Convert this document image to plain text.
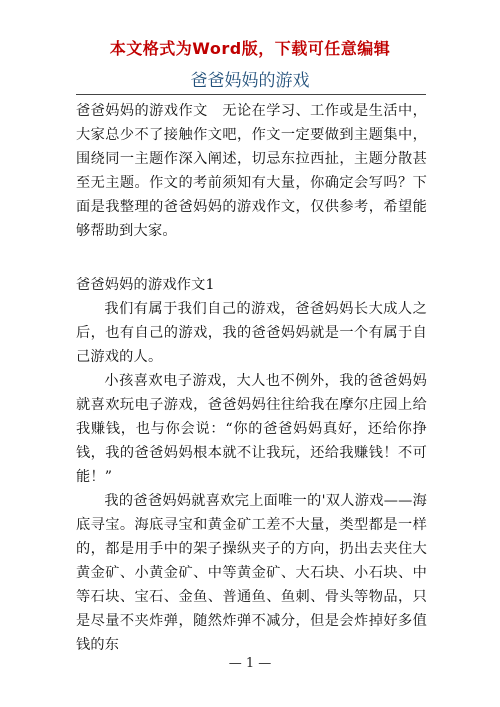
本文格式为Word版，下载可任意编辑
爸爸妈妈的游戏

爸爸妈妈的游戏作文　无论在学习、工作或是生活中，大家总少不了接触作文吧，作文一定要做到主题集中，围绕同一主题作深入阐述，切忌东拉西扯，主题分散甚至无主题。作文的考前须知有大量，你确定会写吗？下面是我整理的爸爸妈妈的游戏作文，仅供参考，希望能够帮助到大家。

爸爸妈妈的游戏作文1

我们有属于我们自己的游戏，爸爸妈妈长大成人之后，也有自己的游戏，我的爸爸妈妈就是一个有属于自己游戏的人。

小孩喜欢电子游戏，大人也不例外，我的爸爸妈妈就喜欢玩电子游戏，爸爸妈妈往往给我在摩尔庄园上给我赚钱，也与你会说：“你的爸爸妈妈真好，还给你挣钱，我的爸爸妈妈根本就不让我玩，还给我赚钱！不可能！”

我的爸爸妈妈就喜欢完上面唯一的'双人游戏——海底寻宝。海底寻宝和黄金矿工差不大量，类型都是一样的，都是用手中的架子操纵夹子的方向，扔出去夹住大黄金矿、小黄金矿、中等黄金矿、大石块、小石块、中等石块、宝石、金鱼、普通鱼、鱼刺、骨头等物品，只是尽量不夹炸弹，随然炸弹不减分，但是会炸掉好多值钱的东

— 1 —
